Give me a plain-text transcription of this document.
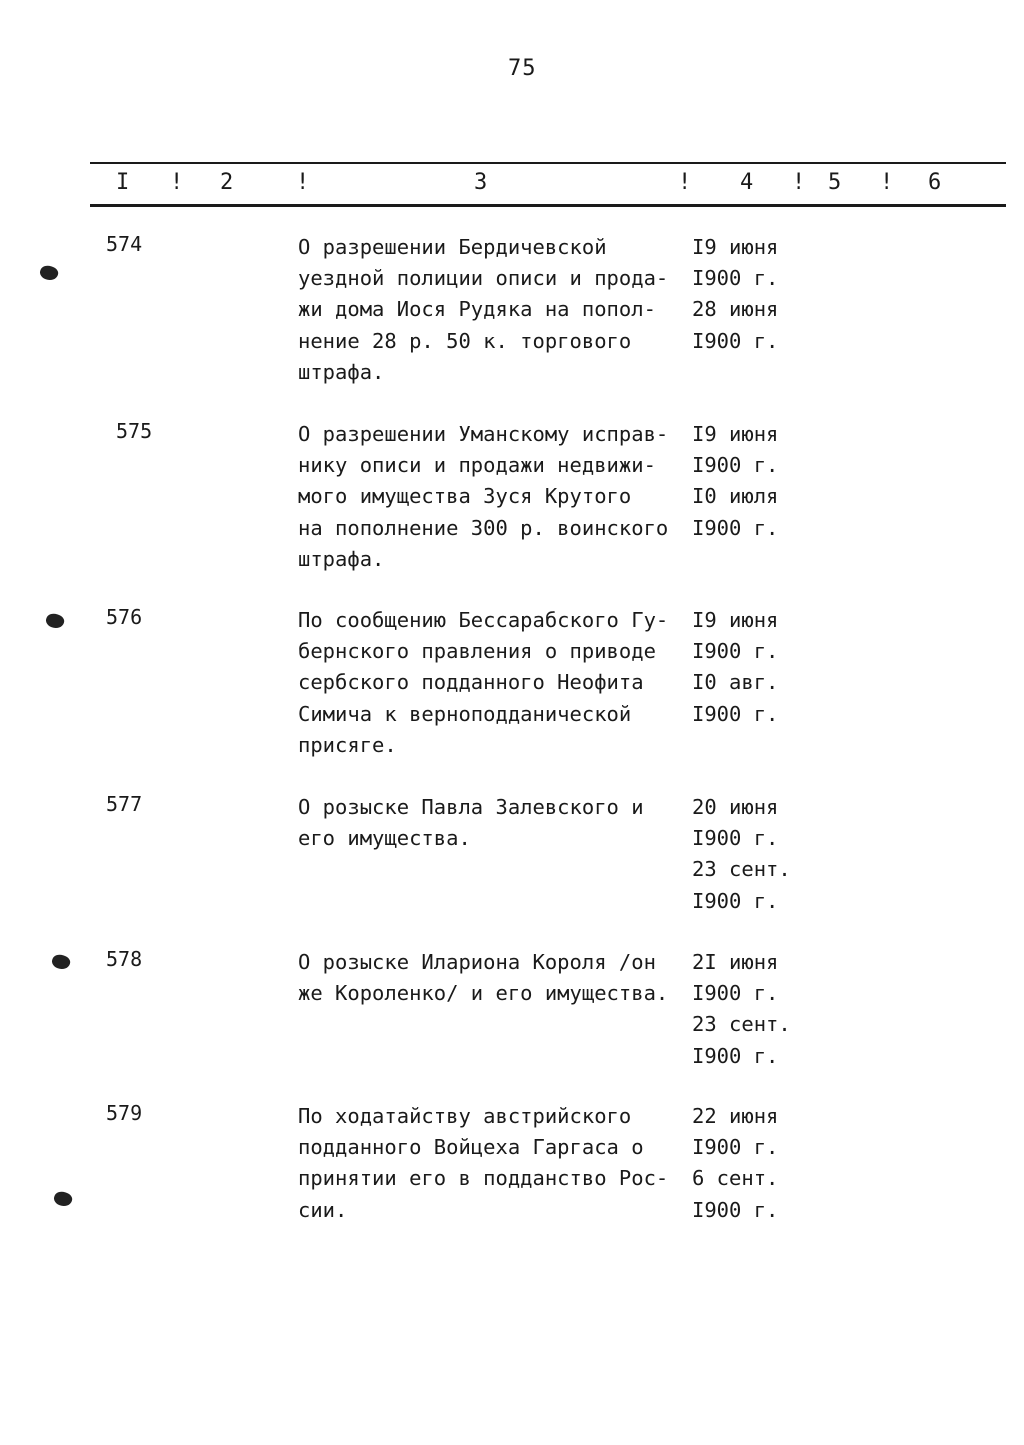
75
I ! 2	!	3	! 4 ! 5 ! 6
574	О разрешении Бердичевской
уездной полиции описи и прода-
жи дома Иося Рудяка на попол-
нение 28 р. 50 к. торгового
штрафа.
I9 июня
I900 г.
28 июня
I900 г.
575	О разрешении Уманскому исправ-
нику описи и продажи недвижи-
мого имущества Зуся Крутого
на пополнение 300 р. воинского
штрафа.
I9 июня
I900 г.
I0 июля
I900 г.
576	По сообщению Бессарабского Гу-
бернского правления о приводе
сербского подданного Неофита
Симича к верноподданической
присяге.
I9 июня
I900 г.
I0 авг.
I900 г.
577	О розыске Павла Залевского и
его имущества.
20 июня
I900 г.
23 сент.
I900 г.
578	О розыске Илариона Короля /он
же Короленко/ и его имущества.
2I июня
I900 г.
23 сент.
I900 г.
579	По ходатайству австрийского
подданного Войцеха Гаргаса о
принятии его в подданство Рос-
сии.
22 июня
I900 г.
6 сент.
I900 г.
